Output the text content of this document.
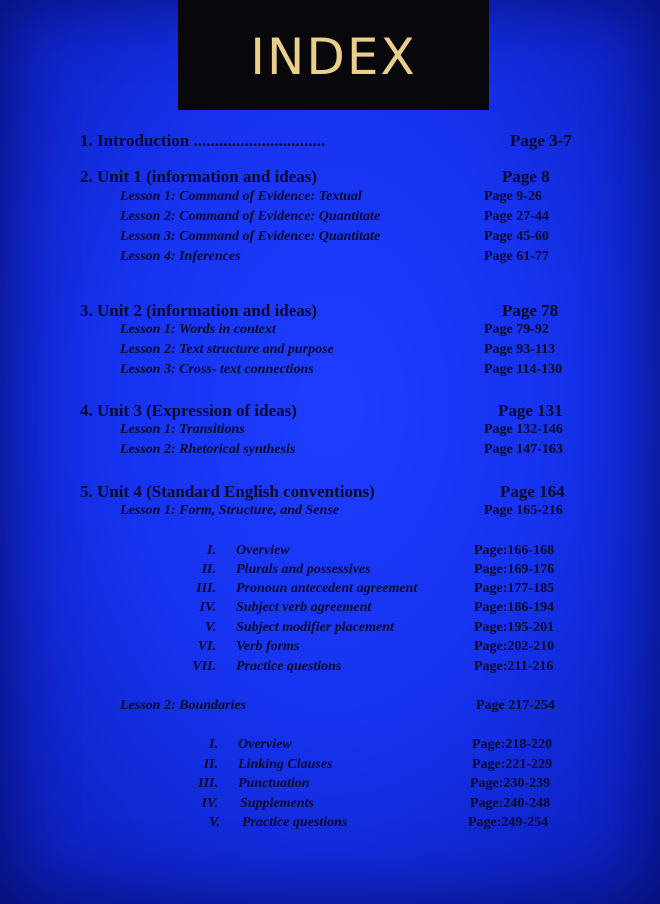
INDEX
1. Introduction ...............................	Page 3-7
2. Unit 1 (information and ideas)	Page 8
Lesson 1: Command of Evidence: Textual	Page 9-26
Lesson 2: Command of Evidence: Quantitate	Page 27-44
Lesson 3: Command of Evidence: Quantitate	Page 45-60
Lesson 4: Inferences	Page 61-77
3. Unit 2 (information and ideas)	Page 78
Lesson 1: Words in context	Page 79-92
Lesson 2: Text structure and purpose	Page 93-113
Lesson 3: Cross- text connections	Page 114-130
4. Unit 3 (Expression of ideas)	Page 131
Lesson 1: Transitions	Page 132-146
Lesson 2: Rhetorical synthesis	Page 147-163
5. Unit 4 (Standard English conventions)	Page 164
Lesson 1: Form, Structure, and Sense	Page 165-216
I. Overview	Page:166-168
II. Plurals and possessives	Page:169-176
III. Pronoun antecedent agreement	Page:177-185
IV. Subject verb agreement	Page:186-194
V. Subject modifier placement	Page:195-201
VI. Verb forms	Page:202-210
VII. Practice questions	Page:211-216
Lesson 2: Boundaries	Page 217-254
I. Overview	Page:218-220
II. Linking Clauses	Page:221-229
III. Punctuation	Page:230-239
IV. Supplements	Page:240-248
V. Practice questions	Page:249-254
